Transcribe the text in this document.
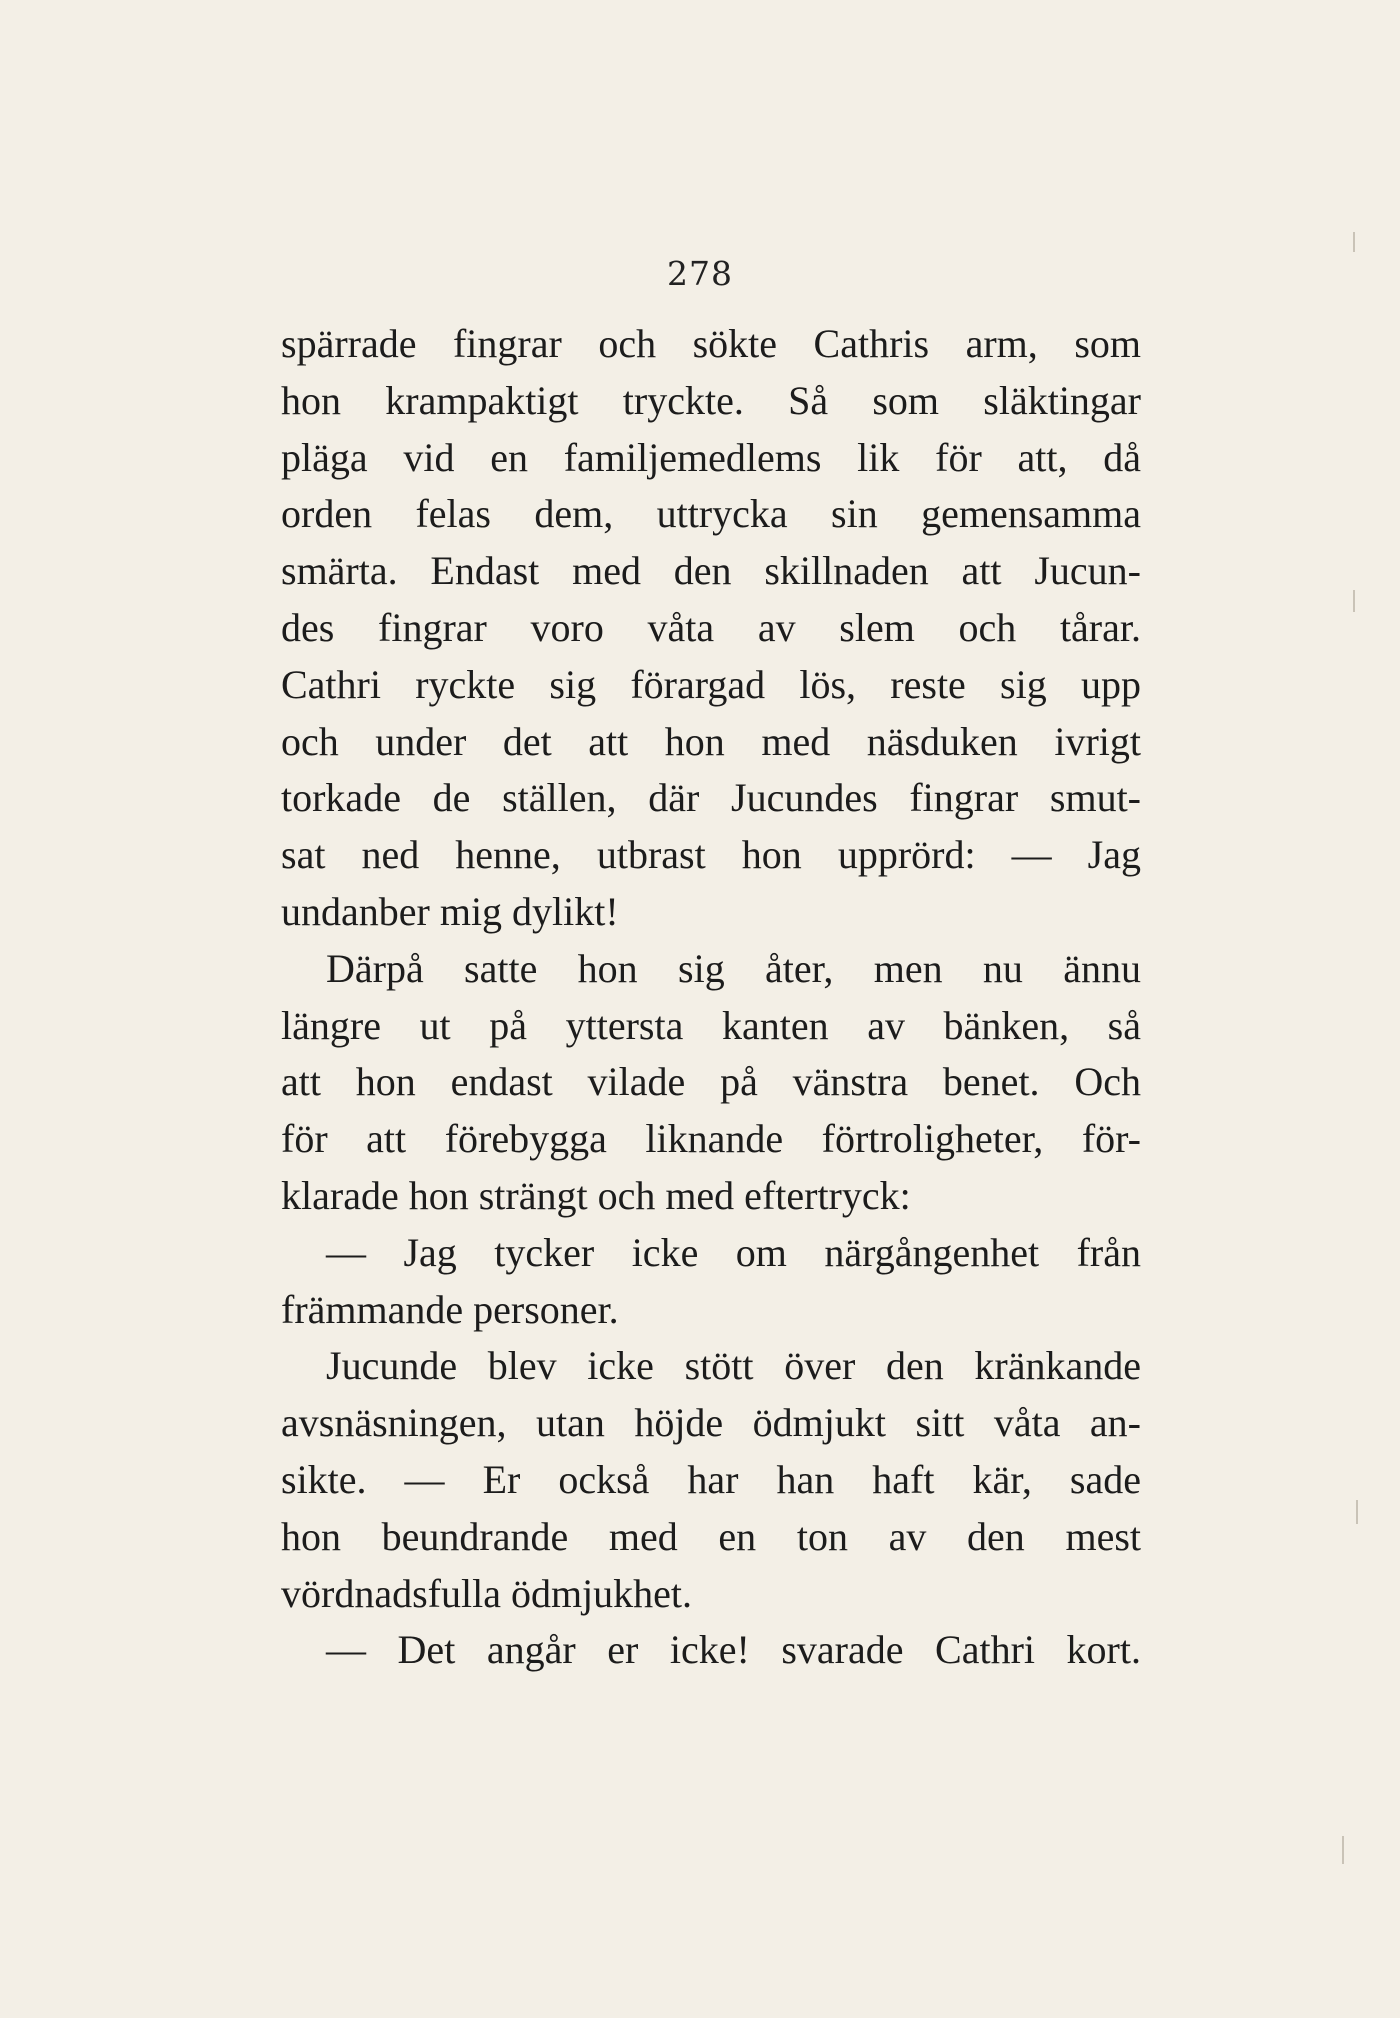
278
spärrade fingrar och sökte Cathris arm, som
hon krampaktigt tryckte. Så som släktingar
pläga vid en familjemedlems lik för att, då
orden felas dem, uttrycka sin gemensamma
smärta. Endast med den skillnaden att Jucun-
des fingrar voro våta av slem och tårar.
Cathri ryckte sig förargad lös, reste sig upp
och under det att hon med näsduken ivrigt
torkade de ställen, där Jucundes fingrar smut-
sat ned henne, utbrast hon upprörd: — Jag
undanber mig dylikt!
Därpå satte hon sig åter, men nu ännu
längre ut på yttersta kanten av bänken, så
att hon endast vilade på vänstra benet. Och
för att förebygga liknande förtroligheter, för-
klarade hon strängt och med eftertryck:
— Jag tycker icke om närgångenhet från
främmande personer.
Jucunde blev icke stött över den kränkande
avsnäsningen, utan höjde ödmjukt sitt våta an-
sikte. — Er också har han haft kär, sade
hon beundrande med en ton av den mest
vördnadsfulla ödmjukhet.
— Det angår er icke! svarade Cathri kort.
